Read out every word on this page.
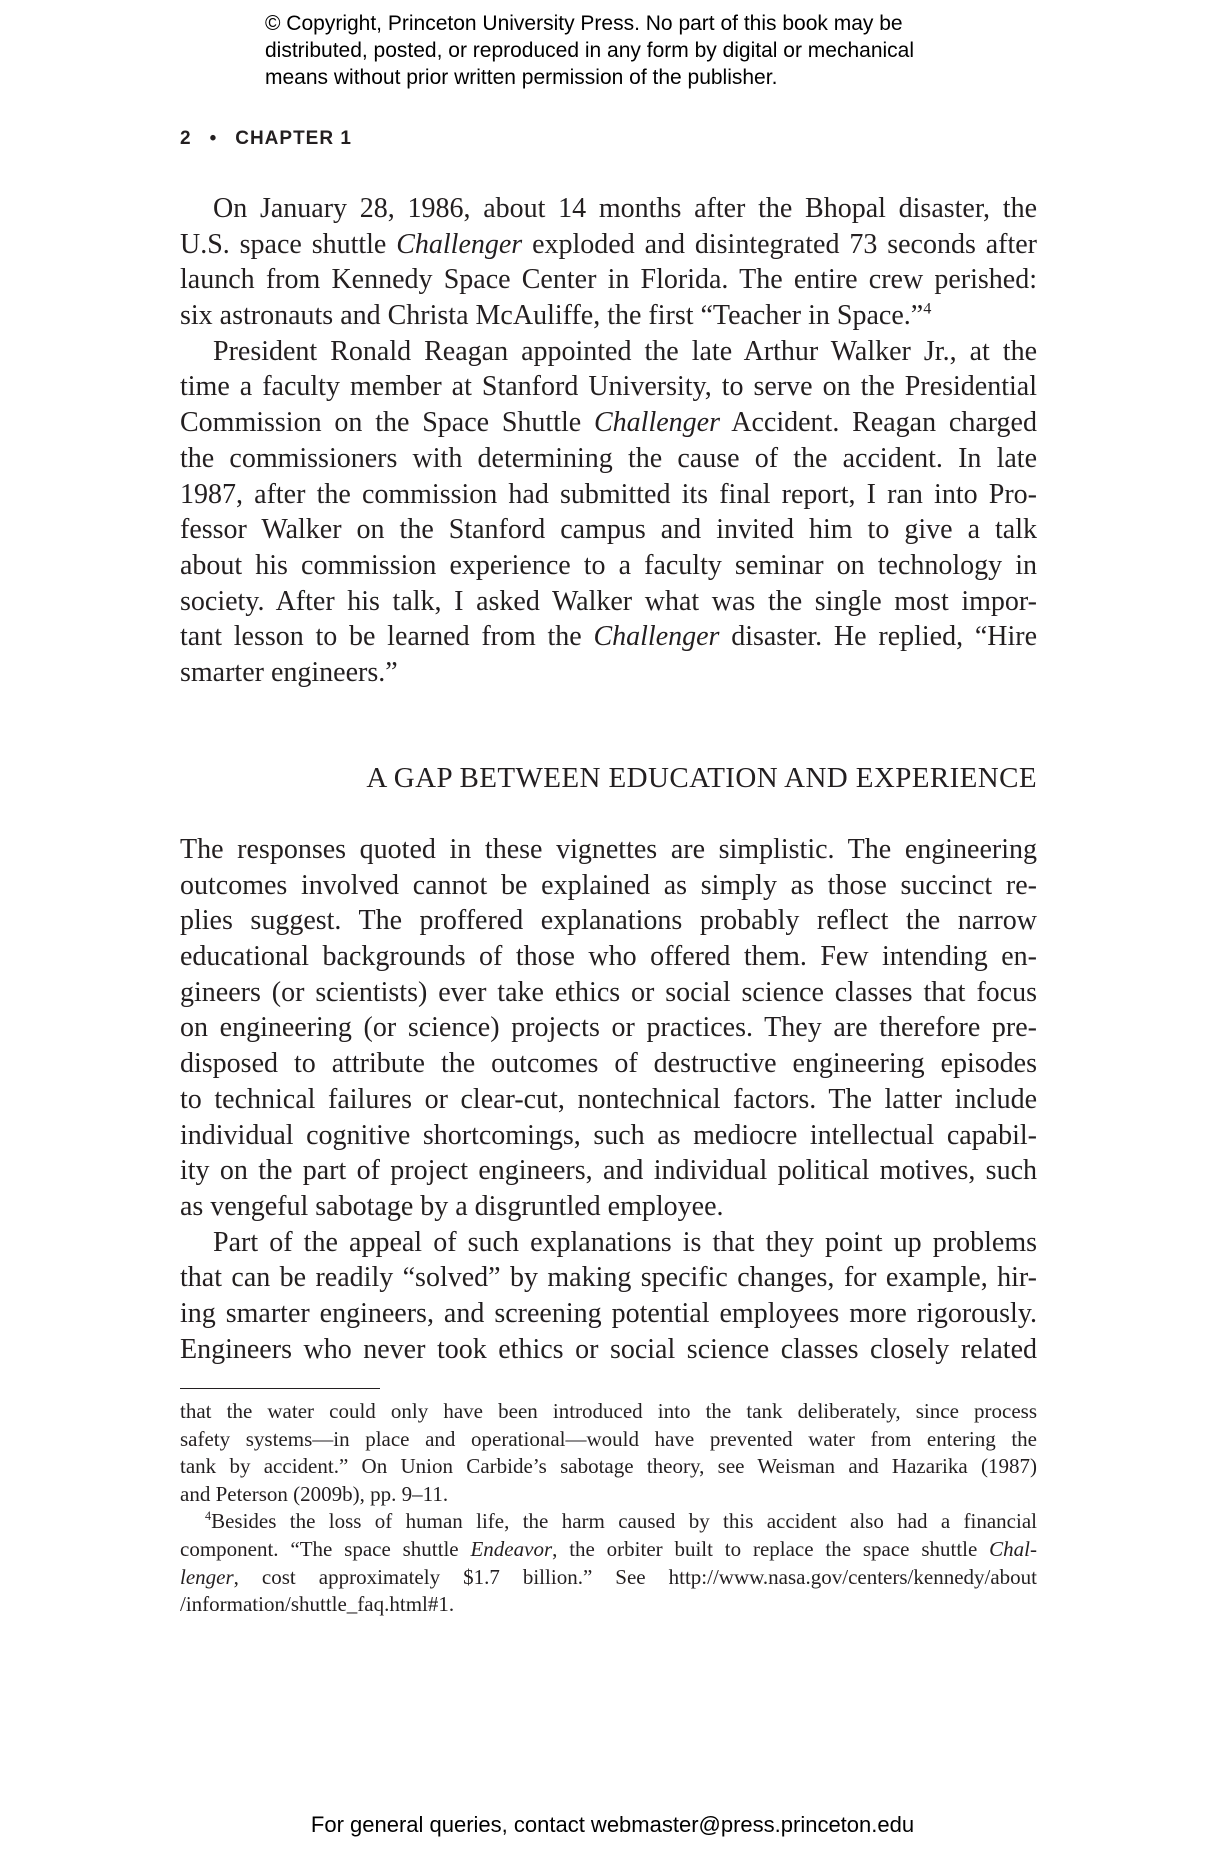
© Copyright, Princeton University Press. No part of this book may be
distributed, posted, or reproduced in any form by digital or mechanical
means without prior written permission of the publisher.
2 • CHAPTER 1
On January 28, 1986, about 14 months after the Bhopal disaster, the
U.S. space shuttle Challenger exploded and disintegrated 73 seconds after
launch from Kennedy Space Center in Florida. The entire crew perished:
six astronauts and Christa McAuliffe, the first “Teacher in Space.”$^4$
President Ronald Reagan appointed the late Arthur Walker Jr., at the
time a faculty member at Stanford University, to serve on the Presidential
Commission on the Space Shuttle Challenger Accident. Reagan charged
the commissioners with determining the cause of the accident. In late
1987, after the commission had submitted its final report, I ran into Pro-
fessor Walker on the Stanford campus and invited him to give a talk
about his commission experience to a faculty seminar on technology in
society. After his talk, I asked Walker what was the single most impor-
tant lesson to be learned from the Challenger disaster. He replied, “Hire
smarter engineers.”
A GAP BETWEEN EDUCATION AND EXPERIENCE
The responses quoted in these vignettes are simplistic. The engineering
outcomes involved cannot be explained as simply as those succinct re-
plies suggest. The proffered explanations probably reflect the narrow
educational backgrounds of those who offered them. Few intending en-
gineers (or scientists) ever take ethics or social science classes that focus
on engineering (or science) projects or practices. They are therefore pre-
disposed to attribute the outcomes of destructive engineering episodes
to technical failures or clear-cut, nontechnical factors. The latter include
individual cognitive shortcomings, such as mediocre intellectual capabil-
ity on the part of project engineers, and individual political motives, such
as vengeful sabotage by a disgruntled employee.
Part of the appeal of such explanations is that they point up problems
that can be readily “solved” by making specific changes, for example, hir-
ing smarter engineers, and screening potential employees more rigorously.
Engineers who never took ethics or social science classes closely related
that the water could only have been introduced into the tank deliberately, since process
safety systems—in place and operational—would have prevented water from entering the
tank by accident.” On Union Carbide’s sabotage theory, see Weisman and Hazarika (1987)
and Peterson (2009b), pp. 9–11.
$^4$Besides the loss of human life, the harm caused by this accident also had a financial
component. “The space shuttle Endeavor, the orbiter built to replace the space shuttle Chal-
lenger, cost approximately $1.7 billion.” See http://www.nasa.gov/centers/kennedy/about
/information/shuttle_faq.html#1.
For general queries, contact webmaster@press.princeton.edu
